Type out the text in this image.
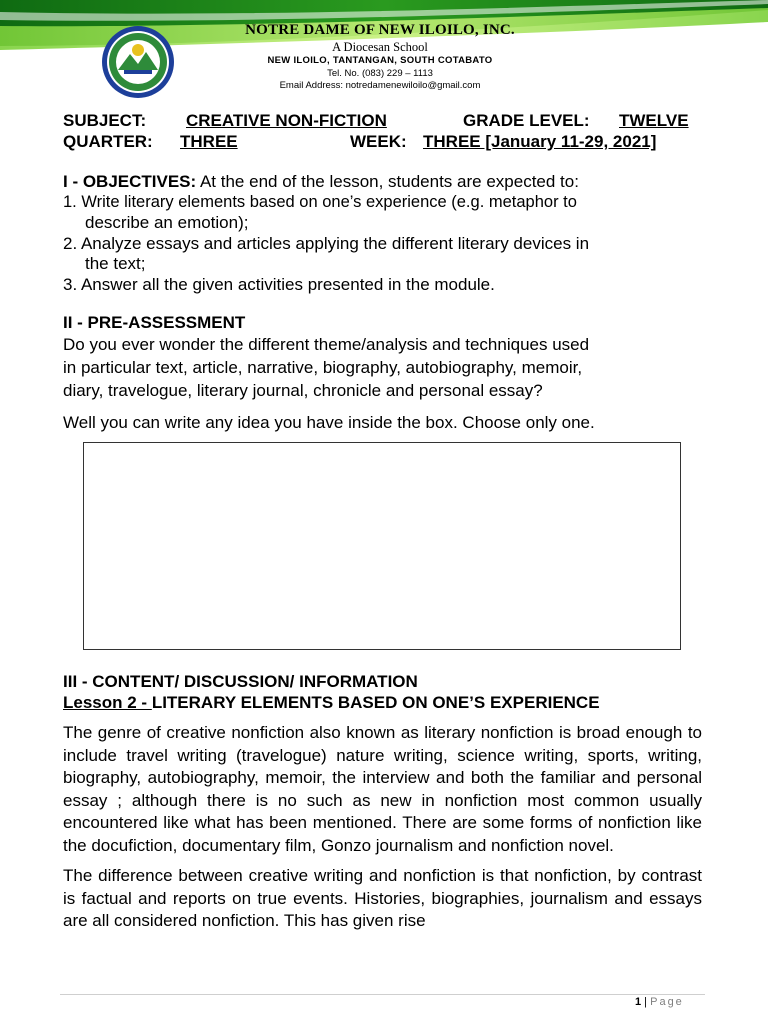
NOTRE DAME OF NEW ILOILO, INC.
A Diocesan School
NEW ILOILO, TANTANGAN, SOUTH COTABATO
Tel. No. (083) 229 – 1113
Email Address: notredamenewiloilo@gmail.com
SUBJECT: CREATIVE NON-FICTION	GRADE LEVEL: TWELVE
QUARTER: THREE	WEEK: THREE [January 11-29, 2021]
I - OBJECTIVES: At the end of the lesson, students are expected to:
1. Write literary elements based on one’s experience (e.g. metaphor to
describe an emotion);
2. Analyze essays and articles applying the different literary devices in
the text;
3. Answer all the given activities presented in the module.
II - PRE-ASSESSMENT
Do you ever wonder the different theme/analysis and techniques used
in particular text, article, narrative, biography, autobiography, memoir,
diary, travelogue, literary journal, chronicle and personal essay?
Well you can write any idea you have inside the box. Choose only one.
III - CONTENT/ DISCUSSION/ INFORMATION
Lesson 2 - LITERARY ELEMENTS BASED ON ONE’S EXPERIENCE
The genre of creative nonfiction also known as literary nonfiction is broad enough to include travel writing (travelogue) nature writing, science writing, sports, writing, biography, autobiography, memoir, the interview and both the familiar and personal essay ; although there is no such as new in nonfiction most common usually encountered like what has been mentioned. There are some forms of nonfiction like the docufiction, documentary film, Gonzo journalism and nonfiction novel.
The difference between creative writing and nonfiction is that nonfiction, by contrast is factual and reports on true events. Histories, biographies, journalism and essays are all considered nonfiction. This has given rise
1 | Page
